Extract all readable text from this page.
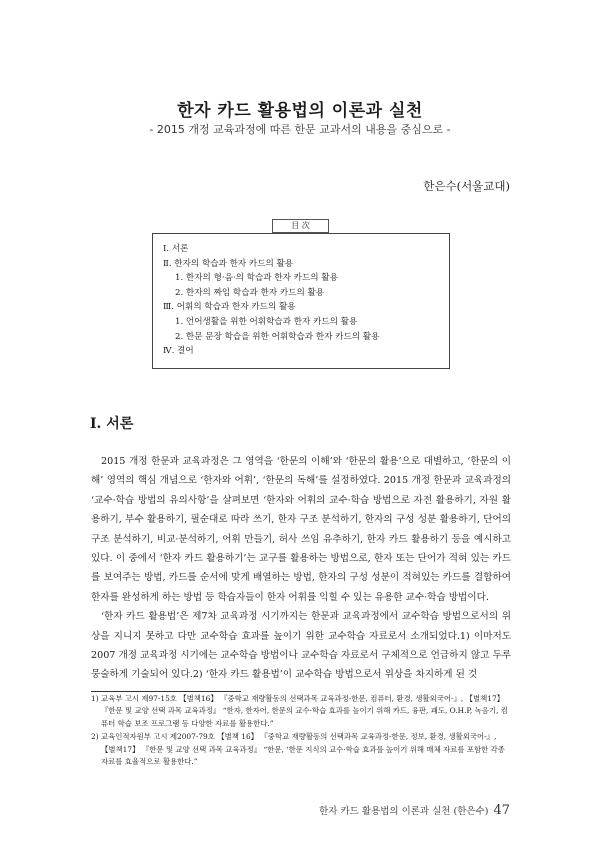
한자 카드 활용법의 이론과 실천
- 2015 개정 교육과정에 따른 한문 교과서의 내용을 중심으로 -
한은수(서울교대)
Ⅰ. 서론
Ⅱ. 한자의 학습과 한자 카드의 활용
1. 한자의 형·음·의 학습과 한자 카드의 활용
2. 한자의 짜임 학습과 한자 카드의 활용
Ⅲ. 어휘의 학습과 한자 카드의 활용
1. 언어생활을 위한 어휘학습과 한자 카드의 활용
2. 한문 문장 학습을 위한 어휘학습과 한자 카드의 활용
Ⅳ. 결어
目 次
Ⅰ. 서론

2015 개정 한문과 교육과정은 그 영역을 ‘한문의 이해’와 ‘한문의 활용’으로 대별하고, ‘한문의 이해’ 영역의 핵심 개념으로 ‘한자와 어휘’, ‘한문의 독해’를 설정하였다. 2015 개정 한문과 교육과정의 ‘교수·학습 방법의 유의사항’을 살펴보면 ‘한자와 어휘의 교수·학습 방법으로 자전 활용하기, 자원 활용하기, 부수 활용하기, 필순대로 따라 쓰기, 한자 구조 분석하기, 한자의 구성 성분 활용하기, 단어의 구조 분석하기, 비교·분석하기, 어휘 만들기, 허사 쓰임 유추하기, 한자 카드 활용하기 등을 예시하고 있다. 이 중에서 ‘한자 카드 활용하기’는 교구를 활용하는 방법으로, 한자 또는 단어가 적혀 있는 카드를 보여주는 방법, 카드를 순서에 맞게 배열하는 방법, 한자의 구성 성분이 적혀있는 카드를 결합하여 한자를 완성하게 하는 방법 등 학습자들이 한자 어휘를 익힐 수 있는 유용한 교수·학습 방법이다.

‘한자 카드 활용법’은 제7차 교육과정 시기까지는 한문과 교육과정에서 교수학습 방법으로서의 위상을 지니지 못하고 다만 교수학습 효과를 높이기 위한 교수학습 자료로서 소개되었다.1) 이마저도 2007 개정 교육과정 시기에는 교수학습 방법이나 교수학습 자료로서 구체적으로 언급하지 않고 두루뭉술하게 기술되어 있다.2) ‘한자 카드 활용법’이 교수학습 방법으로서 위상을 차지하게 된 것

1) 교육부 고시 제97-15호 【별책16】 『중학교 재량활동의 선택과목 교육과정-한문, 컴퓨터, 환경, 생활외국어-』, 【별책17】 『한문 및 교양 선택 과목 교육과정』 “한자, 한자어, 한문의 교수·학습 효과를 높이기 위해 카드, 융판, 괘도, O.H.P, 녹음기, 컴퓨터 학습 보조 프로그램 등 다양한 자료를 활용한다.”

2) 교육인적자원부 고시 제2007-79호 【별책 16】 『중학교 재량활동의 선택과목 교육과정-한문, 정보, 환경, 생활외국어-』, 【별책17】 『한문 및 교양 선택 과목 교육과정』 “한문, ‘한문 지식의 교수·학습 효과를 높이기 위해 매체 자료를 포함한 각종 자료를 효율적으로 활용한다.”

한자 카드 활용법의 이론과 실천 (한은수) 47
